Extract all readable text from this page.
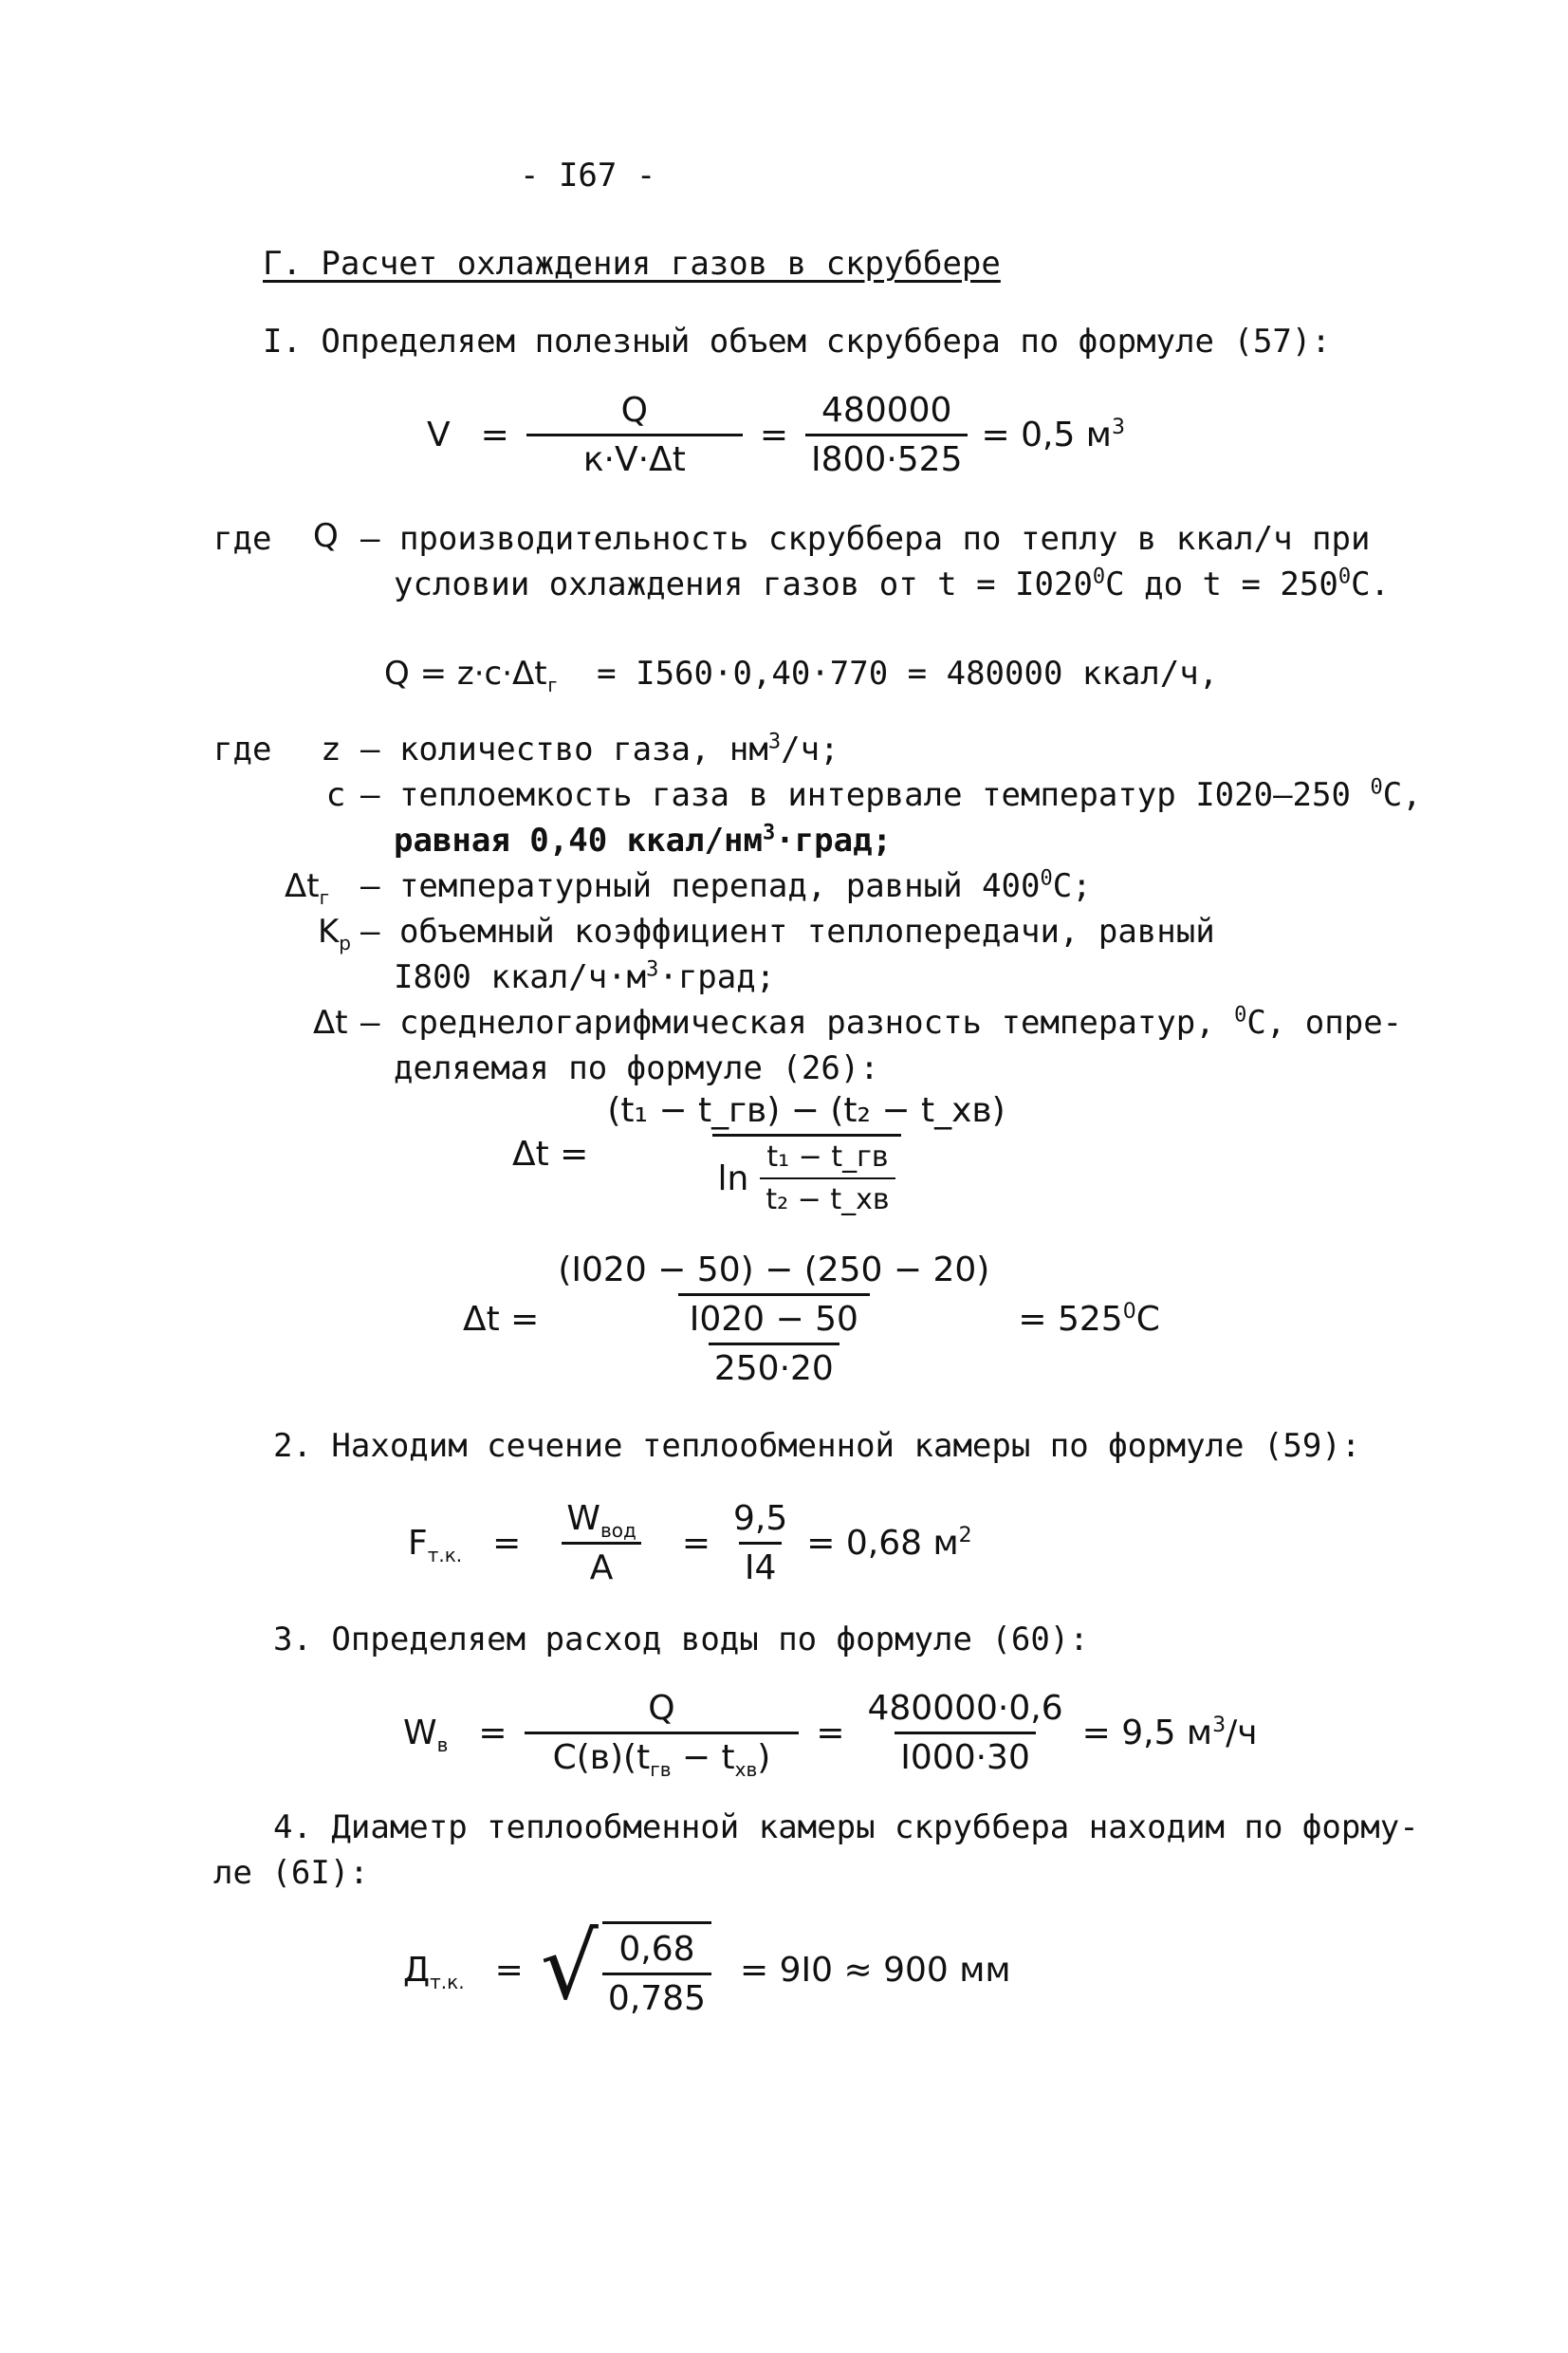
- I67 -
Г. Расчет охлаждения газов в скруббере
I. Определяем полезный объем скруббера по формуле (57):
$V = \frac{Q}{к\cdot V\cdot\Delta t} = \frac{480000}{I800\cdot 525} = 0,5$ $м^3$
где Q – производительность скруббера по теплу в ккал/ч при
условии охлаждения газов от $t = I020^0C$ до $t = 250^0C$.
$Q = z\cdot c\cdot\Delta t_г = I560\cdot 0,40\cdot 770 = 480000$ ккал/ч,
где z – количество газа, $нм^3/ч$;
c – теплоемкость газа в интервале температур I020–250 $^0$C,
равная 0,40 ккал/$нм^3\cdot град$;
$\Delta t_г$ – температурный перепад, равный $400^0C$;
$K_р$ – объемный коэффициент теплопередачи, равный
I800 ккал/$ч\cdot м^3\cdot град$;
Δt – среднелогарифмическая разность температур, $^0$C, опре-
деляемая по формуле (26):
$\Delta t = \frac{\text{(t₁ − t\_гв) − (t₂ − t\_хв)}}{\ln \frac{\text{t₁ − t\_гв}}{\text{t₂ − t\_хв}}}$
$\Delta t = \frac{(I020 - 50) - (250 - 20)}{\frac{I020 - 50}{250\cdot 20}} = 525^0C$
2. Находим сечение теплообменной камеры по формуле (59):
$F_{т.к.} = \frac{W_{вод}}{A} = \frac{9,5}{I4} = 0,68$ $м^2$
3. Определяем расход воды по формуле (60):
$W_в = \frac{Q}{C(в)(t_{гв} - t_{хв})} = \frac{480000\cdot 0,6}{I000\cdot 30} = 9,5$ $м^3/ч$
4. Диаметр теплообменной камеры скруббера находим по форму-
ле (6I):
$Д_{т.к.}$ = √ $\frac{0,68}{0,785} = 9I0 \approx 900$ мм
